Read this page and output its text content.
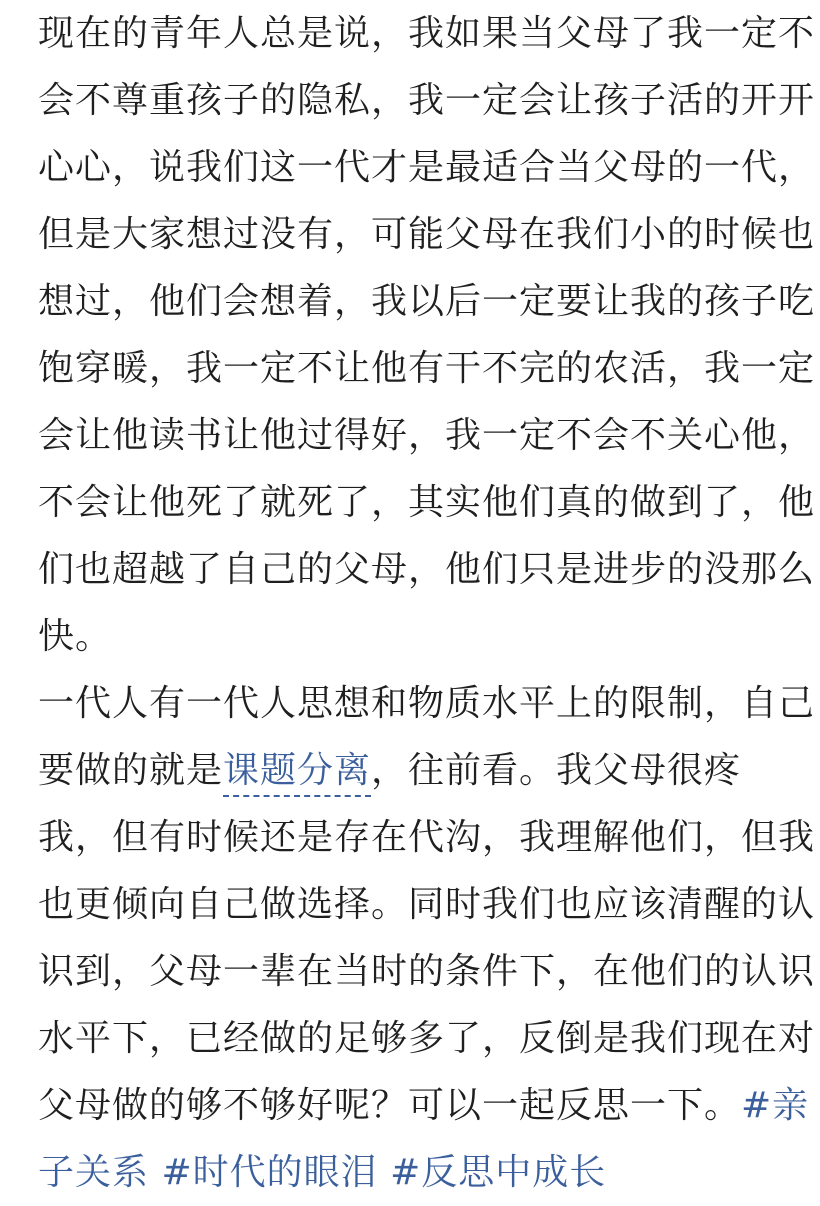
现在的青年人总是说，我如果当父母了我一定不
会不尊重孩子的隐私，我一定会让孩子活的开开
心心，说我们这一代才是最适合当父母的一代，
但是大家想过没有，可能父母在我们小的时候也
想过，他们会想着，我以后一定要让我的孩子吃
饱穿暖，我一定不让他有干不完的农活，我一定
会让他读书让他过得好，我一定不会不关心他，
不会让他死了就死了，其实他们真的做到了，他
们也超越了自己的父母，他们只是进步的没那么
快。
一代人有一代人思想和物质水平上的限制，自己
要做的就是课题分离，往前看。我父母很疼
我，但有时候还是存在代沟，我理解他们，但我
也更倾向自己做选择。同时我们也应该清醒的认
识到，父母一辈在当时的条件下，在他们的认识
水平下，已经做的足够多了，反倒是我们现在对
父母做的够不够好呢？可以一起反思一下。#亲
子关系 #时代的眼泪 #反思中成长
